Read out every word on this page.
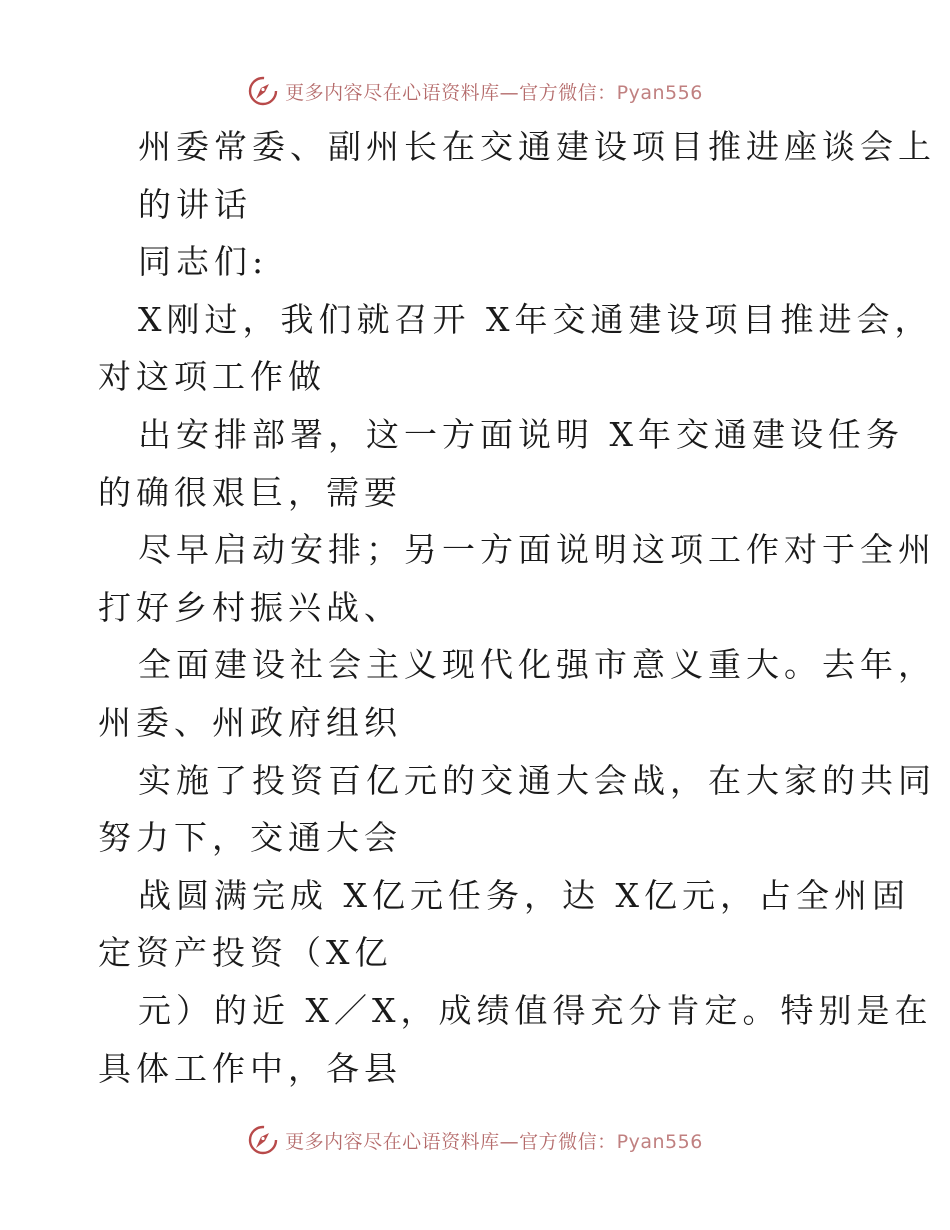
更多内容尽在心语资料库—官方微信：Pyan556
州委常委、副州长在交通建设项目推进座谈会上
的讲话
同志们:
X刚过，我们就召开 X年交通建设项目推进会，
对这项工作做
出安排部署，这一方面说明 X年交通建设任务
的确很艰巨，需要
尽早启动安排；另一方面说明这项工作对于全州
打好乡村振兴战、
全面建设社会主义现代化强市意义重大。去年，
州委、州政府组织
实施了投资百亿元的交通大会战，在大家的共同
努力下，交通大会
战圆满完成 X亿元任务，达 X亿元，占全州固
定资产投资（X亿
元）的近 X／X，成绩值得充分肯定。特别是在
具体工作中，各县
更多内容尽在心语资料库—官方微信：Pyan556
